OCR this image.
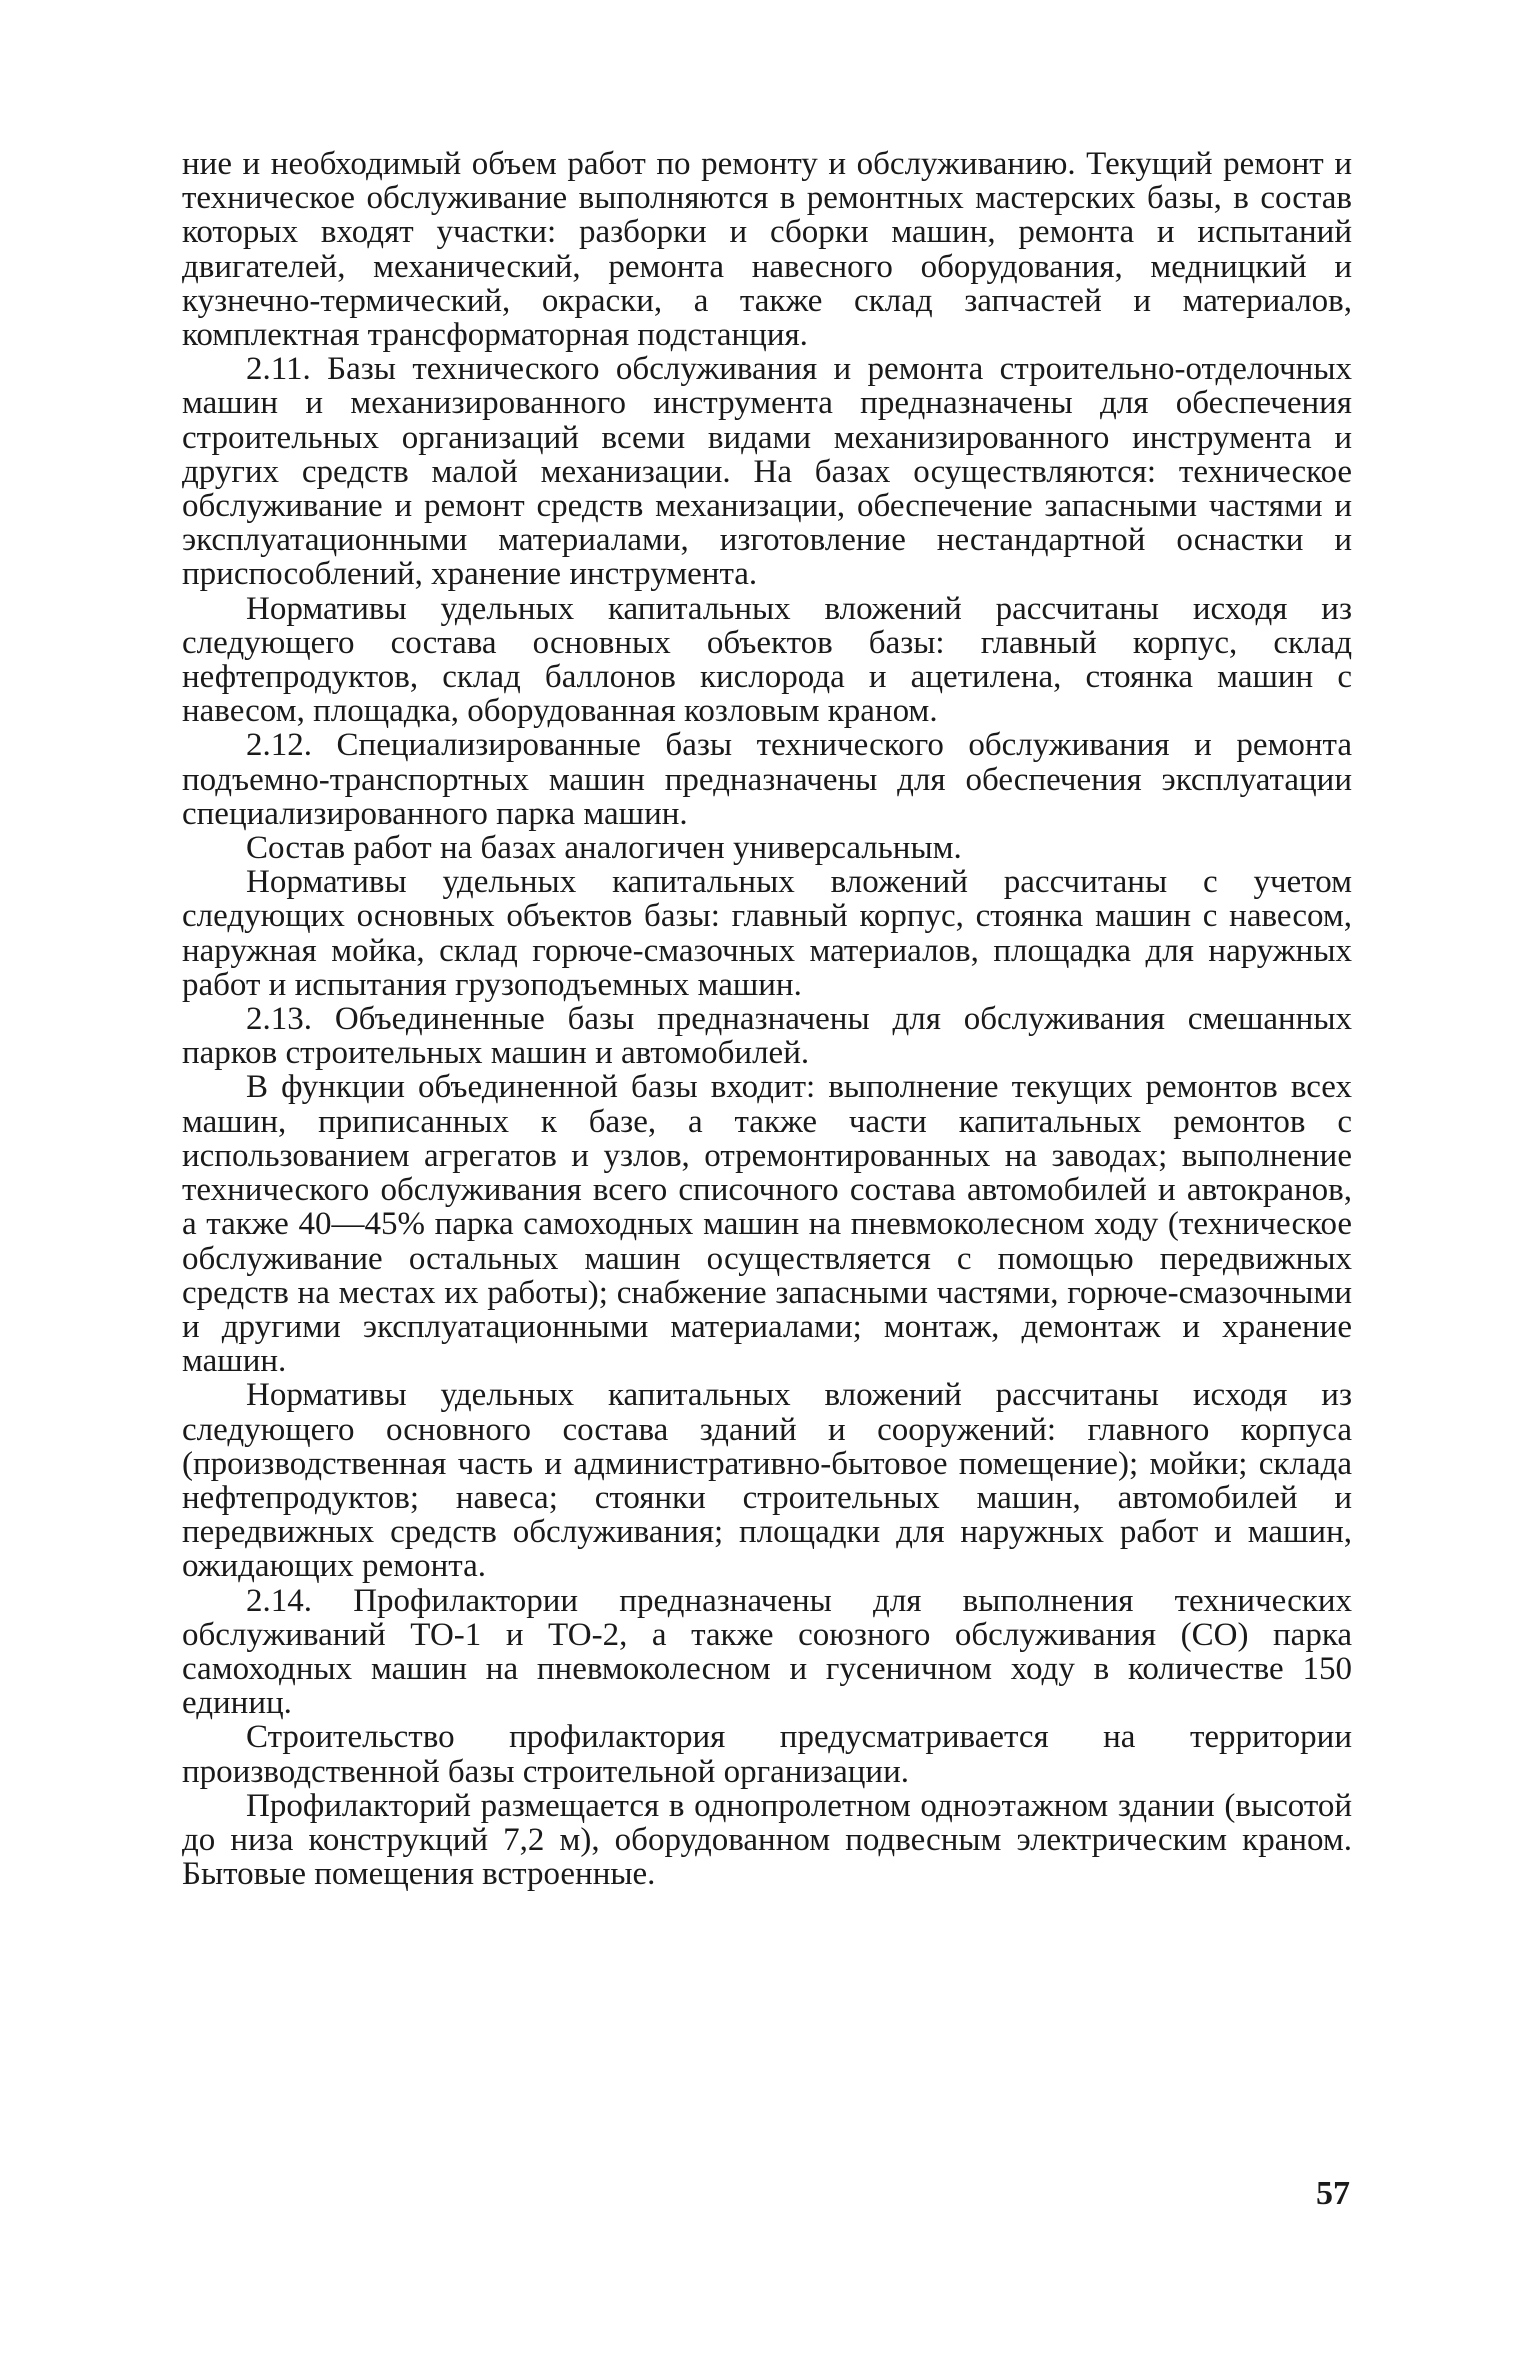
ние и необходимый объем работ по ремонту и обслуживанию. Текущий ремонт и техническое обслуживание выполняются в ремонтных мастерских базы, в состав которых входят участки: разборки и сборки машин, ремонта и испытаний двигателей, механический, ремонта навесного оборудования, медницкий и кузнечно-термический, окраски, а также склад запчастей и материалов, комплектная трансформаторная подстанция.

2.11. Базы технического обслуживания и ремонта строительно-отделочных машин и механизированного инструмента предназначены для обеспечения строительных организаций всеми видами механизированного инструмента и других средств малой механизации. На базах осуществляются: техническое обслуживание и ремонт средств механизации, обеспечение запасными частями и эксплуатационными материалами, изготовление нестандартной оснастки и приспособлений, хранение инструмента.

Нормативы удельных капитальных вложений рассчитаны исходя из следующего состава основных объектов базы: главный корпус, склад нефтепродуктов, склад баллонов кислорода и ацетилена, стоянка машин с навесом, площадка, оборудованная козловым краном.

2.12. Специализированные базы технического обслуживания и ремонта подъемно-транспортных машин предназначены для обеспечения эксплуатации специализированного парка машин.

Состав работ на базах аналогичен универсальным.

Нормативы удельных капитальных вложений рассчитаны с учетом следующих основных объектов базы: главный корпус, стоянка машин с навесом, наружная мойка, склад горюче-смазочных материалов, площадка для наружных работ и испытания грузоподъемных машин.

2.13. Объединенные базы предназначены для обслуживания смешанных парков строительных машин и автомобилей.

В функции объединенной базы входит: выполнение текущих ремонтов всех машин, приписанных к базе, а также части капитальных ремонтов с использованием агрегатов и узлов, отремонтированных на заводах; выполнение технического обслуживания всего списочного состава автомобилей и автокранов, а также 40—45% парка самоходных машин на пневмоколесном ходу (техническое обслуживание остальных машин осуществляется с помощью передвижных средств на местах их работы); снабжение запасными частями, горюче-смазочными и другими эксплуатационными материалами; монтаж, демонтаж и хранение машин.

Нормативы удельных капитальных вложений рассчитаны исходя из следующего основного состава зданий и сооружений: главного корпуса (производственная часть и административно-бытовое помещение); мойки; склада нефтепродуктов; навеса; стоянки строительных машин, автомобилей и передвижных средств обслуживания; площадки для наружных работ и машин, ожидающих ремонта.

2.14. Профилактории предназначены для выполнения технических обслуживаний ТО-1 и ТО-2, а также союзного обслуживания (СО) парка самоходных машин на пневмоколесном и гусеничном ходу в количестве 150 единиц.

Строительство профилактория предусматривается на территории производственной базы строительной организации.

Профилакторий размещается в однопролетном одноэтажном здании (высотой до низа конструкций 7,2 м), оборудованном подвесным электрическим краном. Бытовые помещения встроенные.

57
